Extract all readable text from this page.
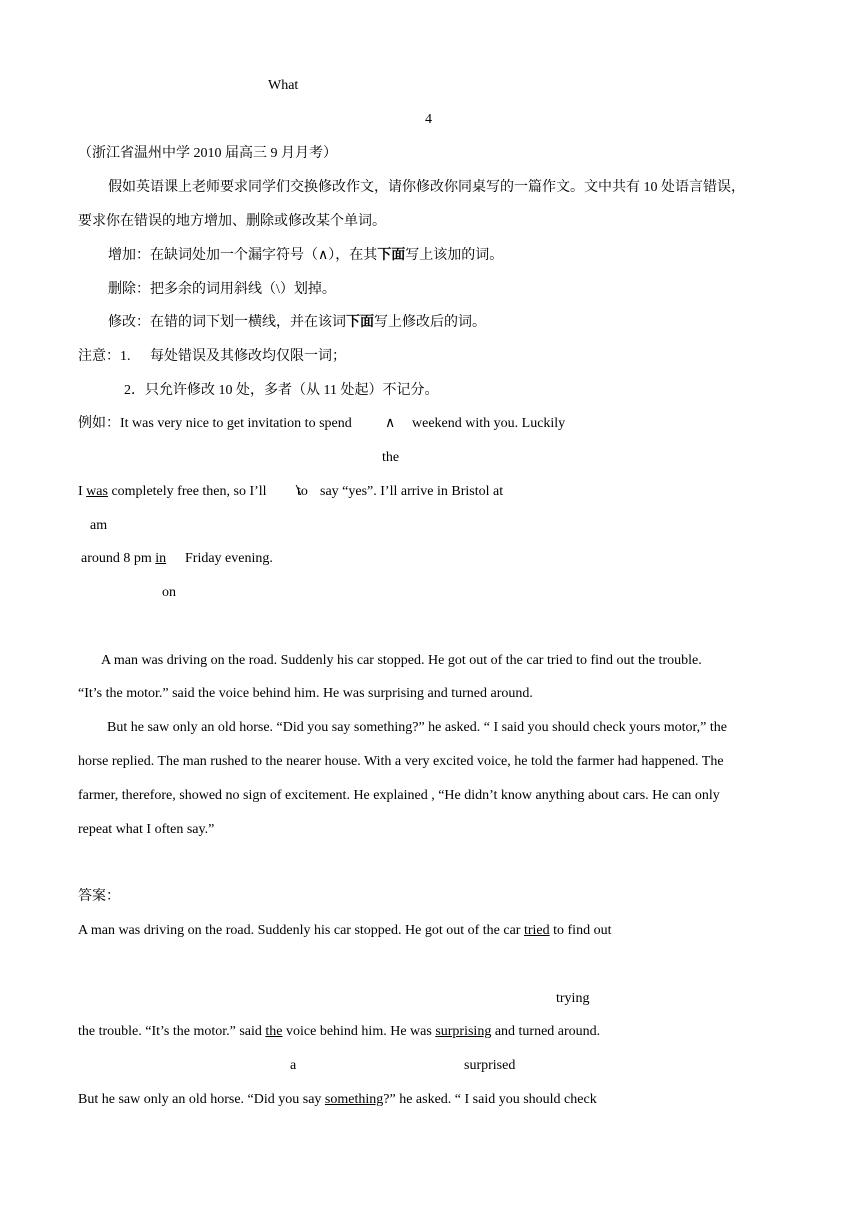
What
4
（浙江省温州中学 2010 届高三 9 月月考）
假如英语课上老师要求同学们交换修改作文，请你修改你同桌写的一篇作文。文中共有 10 处语言错误，
要求你在错误的地方增加、删除或修改某个单词。
增加：在缺词处加一个漏字符号（∧），在其下面写上该加的词。
删除：把多余的词用斜线（\）划掉。
修改：在错的词下划一横线，并在该词下面写上修改后的词。
注意：1. 每处错误及其修改均仅限一词；
2．只允许修改 10 处，多者（从 11 处起）不记分。
例如：It was very nice to get invitation to spend ∧ weekend with you. Luckily
the
I was completely free then, so I’ll to say “yes”. I’ll arrive in Bristol at
am
around 8 pm in Friday evening.
on
A man was driving on the road. Suddenly his car stopped. He got out of the car tried to find out the trouble.
“It’s the motor.” said the voice behind him. He was surprising and turned around.
But he saw only an old horse. “Did you say something?” he asked. “ I said you should check yours motor,” the
horse replied. The man rushed to the nearer house. With a very excited voice, he told the farmer had happened. The
farmer, therefore, showed no sign of excitement. He explained , “He didn’t know anything about cars. He can only
repeat what I often say.”
答案：
A man was driving on the road. Suddenly his car stopped. He got out of the car tried to find out
trying
the trouble. “It’s the motor.” said the voice behind him. He was surprising and turned around.
a	surprised
But he saw only an old horse. “Did you say something?” he asked. “ I said you should check
